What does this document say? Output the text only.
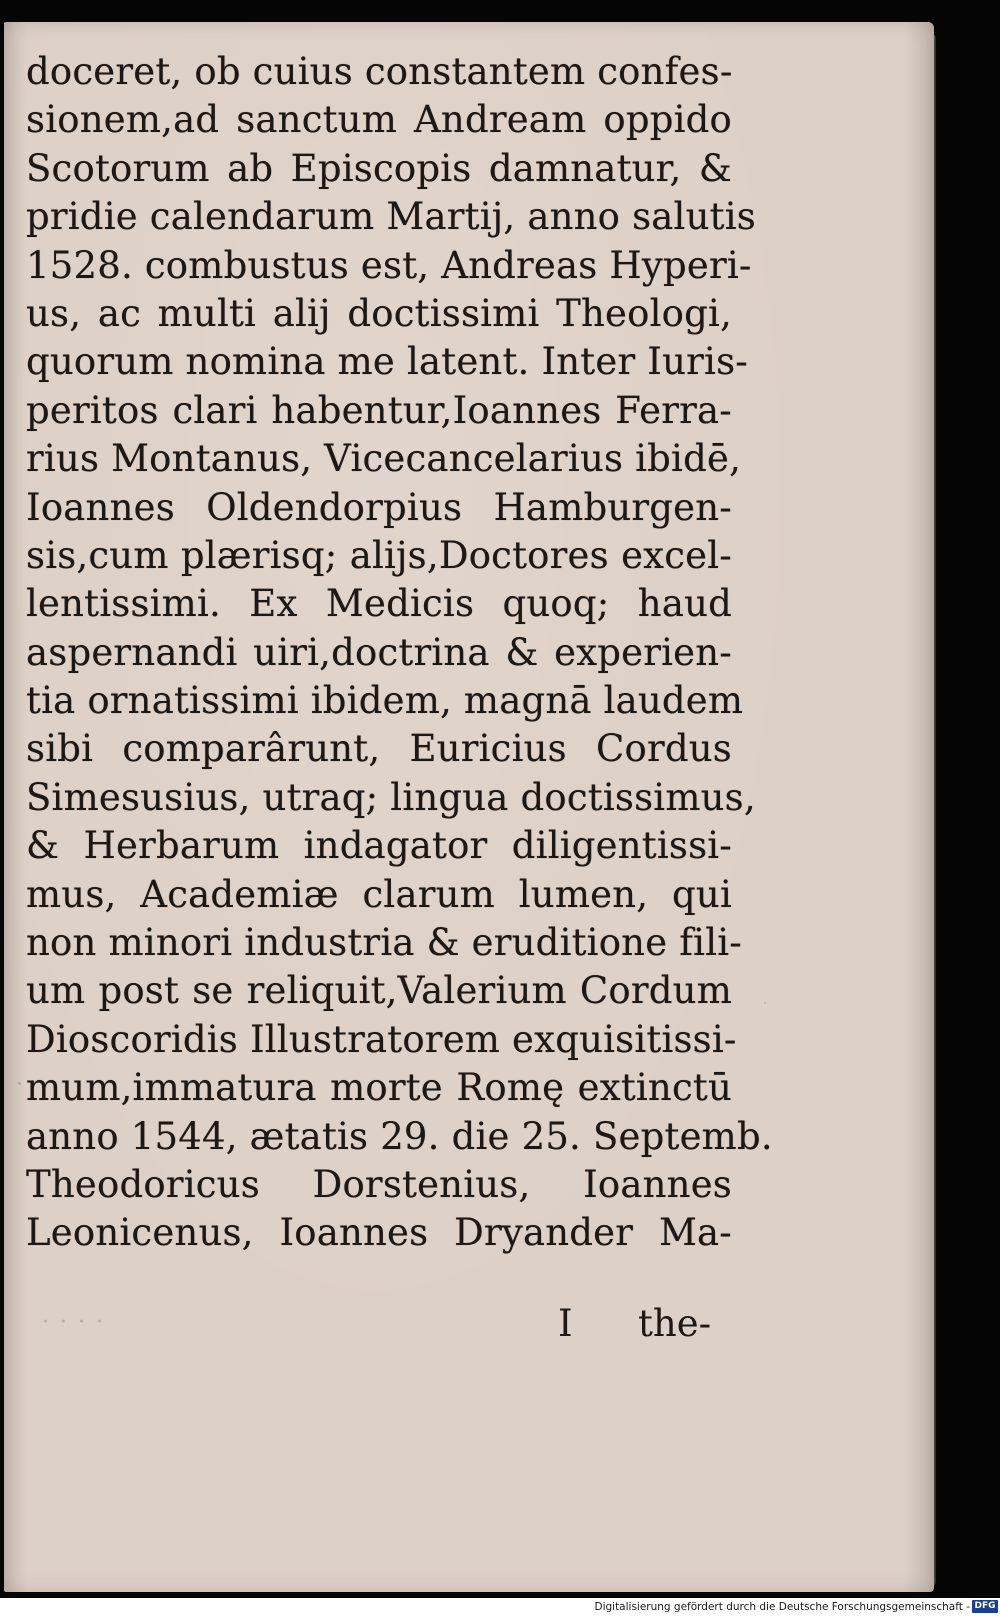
doceret, ob cuius constantem confes-
sionem,ad sanctum Andream oppido
Scotorum ab Episcopis damnatur, &
pridie calendarum Martij, anno salutis
1528. combustus est, Andreas Hyperi-
us, ac multi alij doctissimi Theologi,
quorum nomina me latent. Inter Iuris-
peritos clari habentur,Ioannes Ferra-
rius Montanus, Vicecancelarius ibidē,
Ioannes Oldendorpius Hamburgen-
sis,cum plærisq; alijs,Doctores excel-
lentissimi. Ex Medicis quoq; haud
aspernandi uiri,doctrina & experien-
tia ornatissimi ibidem, magnā laudem
sibi comparârunt, Euricius Cordus
Simesusius, utraq; lingua doctissimus,
& Herbarum indagator diligentissi-
mus, Academiæ clarum lumen, qui
non minori industria & eruditione fili-
um post se reliquit,Valerium Cordum
Dioscoridis Illustratorem exquisitissi-
mum,immatura morte Romę extinctū
anno 1544, ætatis 29. die 25. Septemb.
Theodoricus Dorstenius, Ioannes
Leonicenus, Ioannes Dryander Ma-
· · · ·	I the-
Digitalisierung gefördert durch die Deutsche Forschungsgemeinschaft - DFG
